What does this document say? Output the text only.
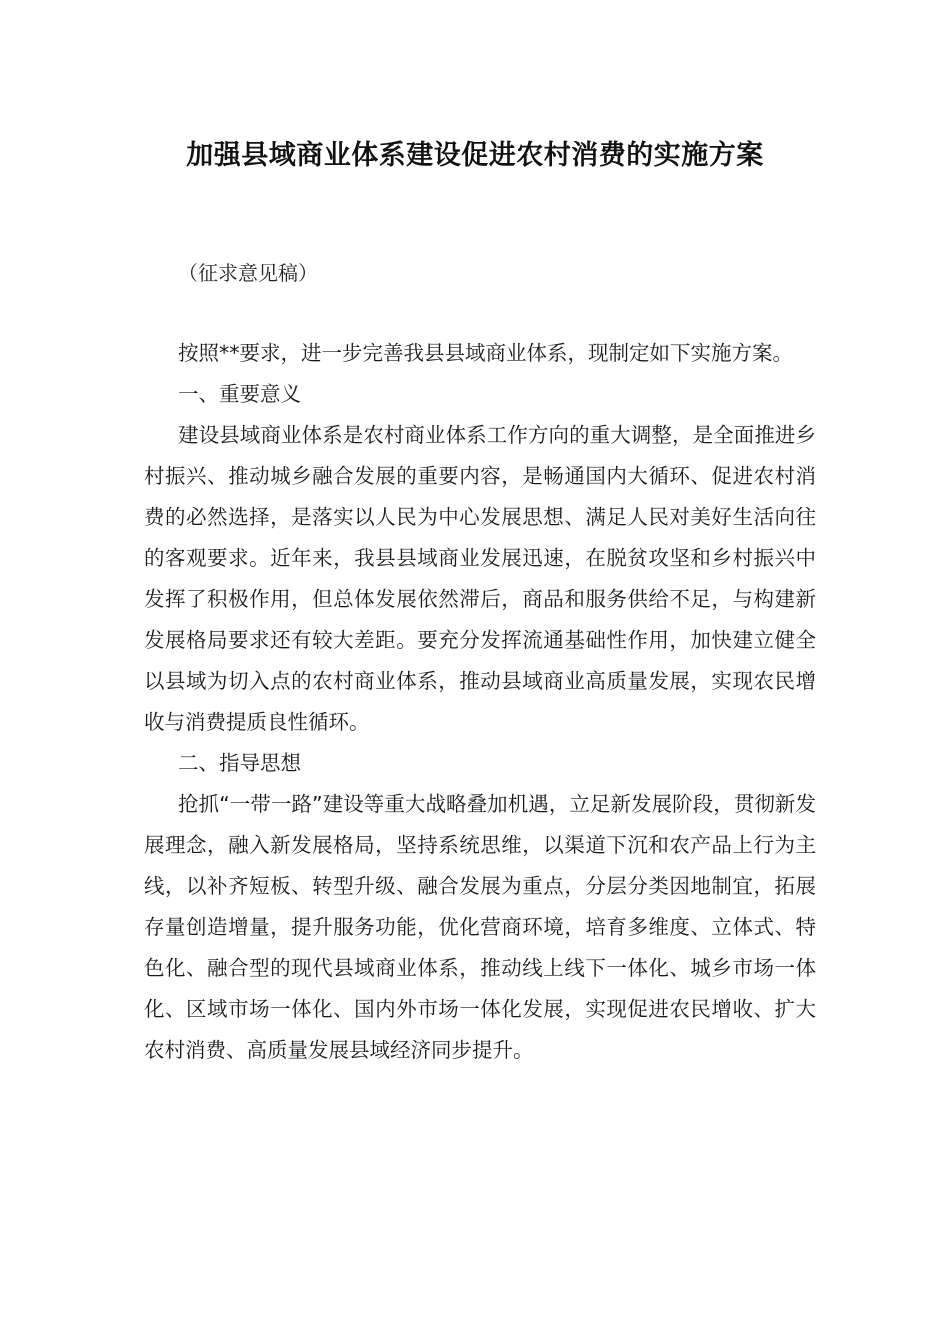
加强县域商业体系建设促进农村消费的实施方案
（征求意见稿）

按照**要求，进一步完善我县县域商业体系，现制定如下实施方案。

一、重要意义

建设县域商业体系是农村商业体系工作方向的重大调整，是全面推进乡村振兴、推动城乡融合发展的重要内容，是畅通国内大循环、促进农村消费的必然选择，是落实以人民为中心发展思想、满足人民对美好生活向往的客观要求。近年来，我县县域商业发展迅速，在脱贫攻坚和乡村振兴中发挥了积极作用，但总体发展依然滞后，商品和服务供给不足，与构建新发展格局要求还有较大差距。要充分发挥流通基础性作用，加快建立健全以县域为切入点的农村商业体系，推动县域商业高质量发展，实现农民增收与消费提质良性循环。

二、指导思想

抢抓“一带一路”建设等重大战略叠加机遇，立足新发展阶段，贯彻新发展理念，融入新发展格局，坚持系统思维，以渠道下沉和农产品上行为主线，以补齐短板、转型升级、融合发展为重点，分层分类因地制宜，拓展存量创造增量，提升服务功能，优化营商环境，培育多维度、立体式、特色化、融合型的现代县域商业体系，推动线上线下一体化、城乡市场一体化、区域市场一体化、国内外市场一体化发展，实现促进农民增收、扩大农村消费、高质量发展县域经济同步提升。
